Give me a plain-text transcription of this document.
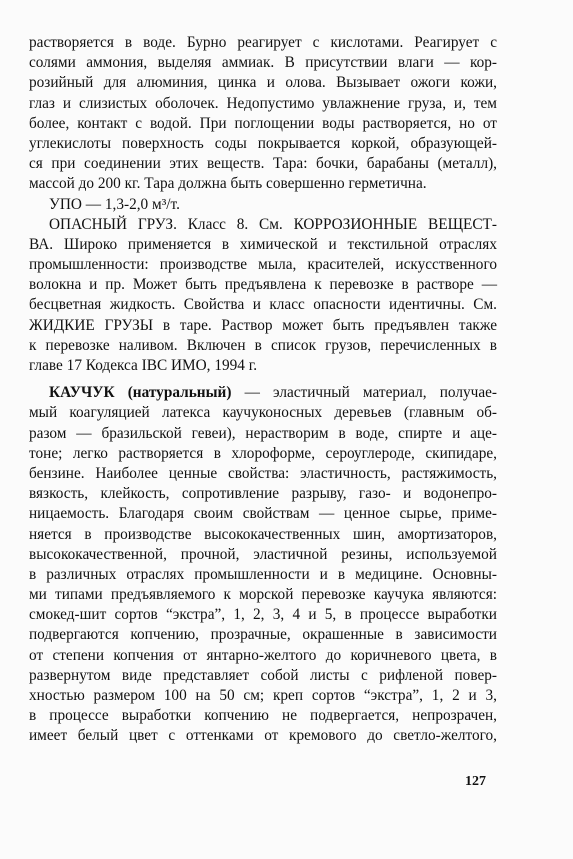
растворяется в воде. Бурно реагирует с кислотами. Реагирует с
солями аммония, выделяя аммиак. В присутствии влаги — кор-
розийный для алюминия, цинка и олова. Вызывает ожоги кожи,
глаз и слизистых оболочек. Недопустимо увлажнение груза, и, тем
более, контакт с водой. При поглощении воды растворяется, но от
углекислоты поверхность соды покрывается коркой, образующей-
ся при соединении этих веществ. Тара: бочки, барабаны (металл),
массой до 200 кг. Тара должна быть совершенно герметична.
УПО — 1,3-2,0 м³/т.
ОПАСНЫЙ ГРУЗ. Класс 8. См. КОРРОЗИОННЫЕ ВЕЩЕСТ-
ВА. Широко применяется в химической и текстильной отраслях
промышленности: производстве мыла, красителей, искусственного
волокна и пр. Может быть предъявлена к перевозке в растворе —
бесцветная жидкость. Свойства и класс опасности идентичны. См.
ЖИДКИЕ ГРУЗЫ в таре. Раствор может быть предъявлен также
к перевозке наливом. Включен в список грузов, перечисленных в
главе 17 Кодекса IBC ИМО, 1994 г.
КАУЧУК (натуральный) — эластичный материал, получае-
мый коагуляцией латекса каучуконосных деревьев (главным об-
разом — бразильской гевеи), нерастворим в воде, спирте и аце-
тоне; легко растворяется в хлороформе, сероуглероде, скипидаре,
бензине. Наиболее ценные свойства: эластичность, растяжимость,
вязкость, клейкость, сопротивление разрыву, газо- и водонепро-
ницаемость. Благодаря своим свойствам — ценное сырье, приме-
няется в производстве высококачественных шин, амортизаторов,
высококачественной, прочной, эластичной резины, используемой
в различных отраслях промышленности и в медицине. Основны-
ми типами предъявляемого к морской перевозке каучука являются:
смокед-шит сортов “экстра”, 1, 2, 3, 4 и 5, в процессе выработки
подвергаются копчению, прозрачные, окрашенные в зависимости
от степени копчения от янтарно-желтого до коричневого цвета, в
развернутом виде представляет собой листы с рифленой повер-
хностью размером 100 на 50 см; креп сортов “экстра”, 1, 2 и 3,
в процессе выработки копчению не подвергается, непрозрачен,
имеет белый цвет с оттенками от кремового до светло-желтого,
127
